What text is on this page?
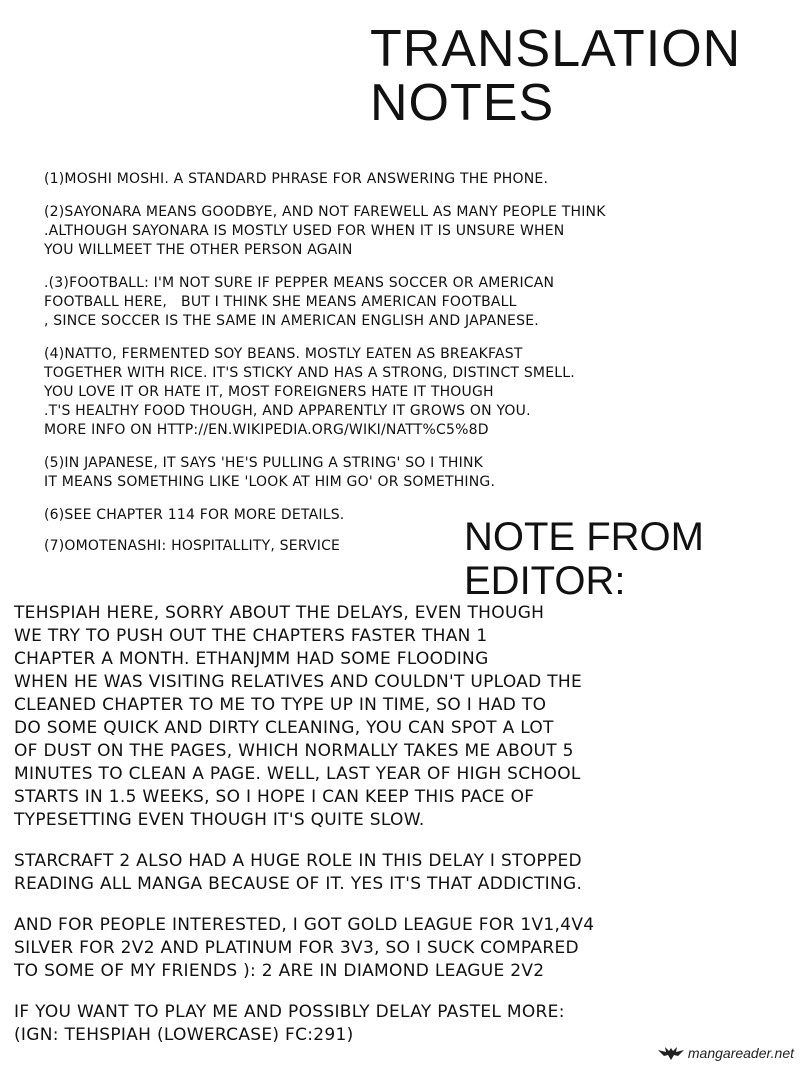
TRANSLATION
NOTES

(1)MOSHI MOSHI. A STANDARD PHRASE FOR ANSWERING THE PHONE.

(2)SAYONARA MEANS GOODBYE, AND NOT FAREWELL AS MANY PEOPLE THINK
.ALTHOUGH SAYONARA IS MOSTLY USED FOR WHEN IT IS UNSURE WHEN
YOU WILLMEET THE OTHER PERSON AGAIN

.(3)FOOTBALL: I'M NOT SURE IF PEPPER MEANS SOCCER OR AMERICAN
FOOTBALL HERE,   BUT I THINK SHE MEANS AMERICAN FOOTBALL
, SINCE SOCCER IS THE SAME IN AMERICAN ENGLISH AND JAPANESE.

(4)NATTO, FERMENTED SOY BEANS. MOSTLY EATEN AS BREAKFAST
TOGETHER WITH RICE. IT'S STICKY AND HAS A STRONG, DISTINCT SMELL.
YOU LOVE IT OR HATE IT, MOST FOREIGNERS HATE IT THOUGH
.T'S HEALTHY FOOD THOUGH, AND APPARENTLY IT GROWS ON YOU.
MORE INFO ON HTTP://EN.WIKIPEDIA.ORG/WIKI/NATT%C5%8D

(5)IN JAPANESE, IT SAYS 'HE'S PULLING A STRING' SO I THINK
IT MEANS SOMETHING LIKE 'LOOK AT HIM GO' OR SOMETHING.

(6)SEE CHAPTER 114 FOR MORE DETAILS.

(7)OMOTENASHI: HOSPITALLITY, SERVICE	NOTE FROM
EDITOR:

TEHSPIAH HERE, SORRY ABOUT THE DELAYS, EVEN THOUGH
WE TRY TO PUSH OUT THE CHAPTERS FASTER THAN 1
CHAPTER A MONTH. ETHANJMM HAD SOME FLOODING
WHEN HE WAS VISITING RELATIVES AND COULDN'T UPLOAD THE
CLEANED CHAPTER TO ME TO TYPE UP IN TIME, SO I HAD TO
DO SOME QUICK AND DIRTY CLEANING, YOU CAN SPOT A LOT
OF DUST ON THE PAGES, WHICH NORMALLY TAKES ME ABOUT 5
MINUTES TO CLEAN A PAGE. WELL, LAST YEAR OF HIGH SCHOOL
STARTS IN 1.5 WEEKS, SO I HOPE I CAN KEEP THIS PACE OF
TYPESETTING EVEN THOUGH IT'S QUITE SLOW.

STARCRAFT 2 ALSO HAD A HUGE ROLE IN THIS DELAY I STOPPED
READING ALL MANGA BECAUSE OF IT. YES IT'S THAT ADDICTING.

AND FOR PEOPLE INTERESTED, I GOT GOLD LEAGUE FOR 1V1,4V4
SILVER FOR 2V2 AND PLATINUM FOR 3V3, SO I SUCK COMPARED
TO SOME OF MY FRIENDS ): 2 ARE IN DIAMOND LEAGUE 2V2

IF YOU WANT TO PLAY ME AND POSSIBLY DELAY PASTEL MORE:
(IGN: TEHSPIAH (LOWERCASE) FC:291)

mangareader.net
